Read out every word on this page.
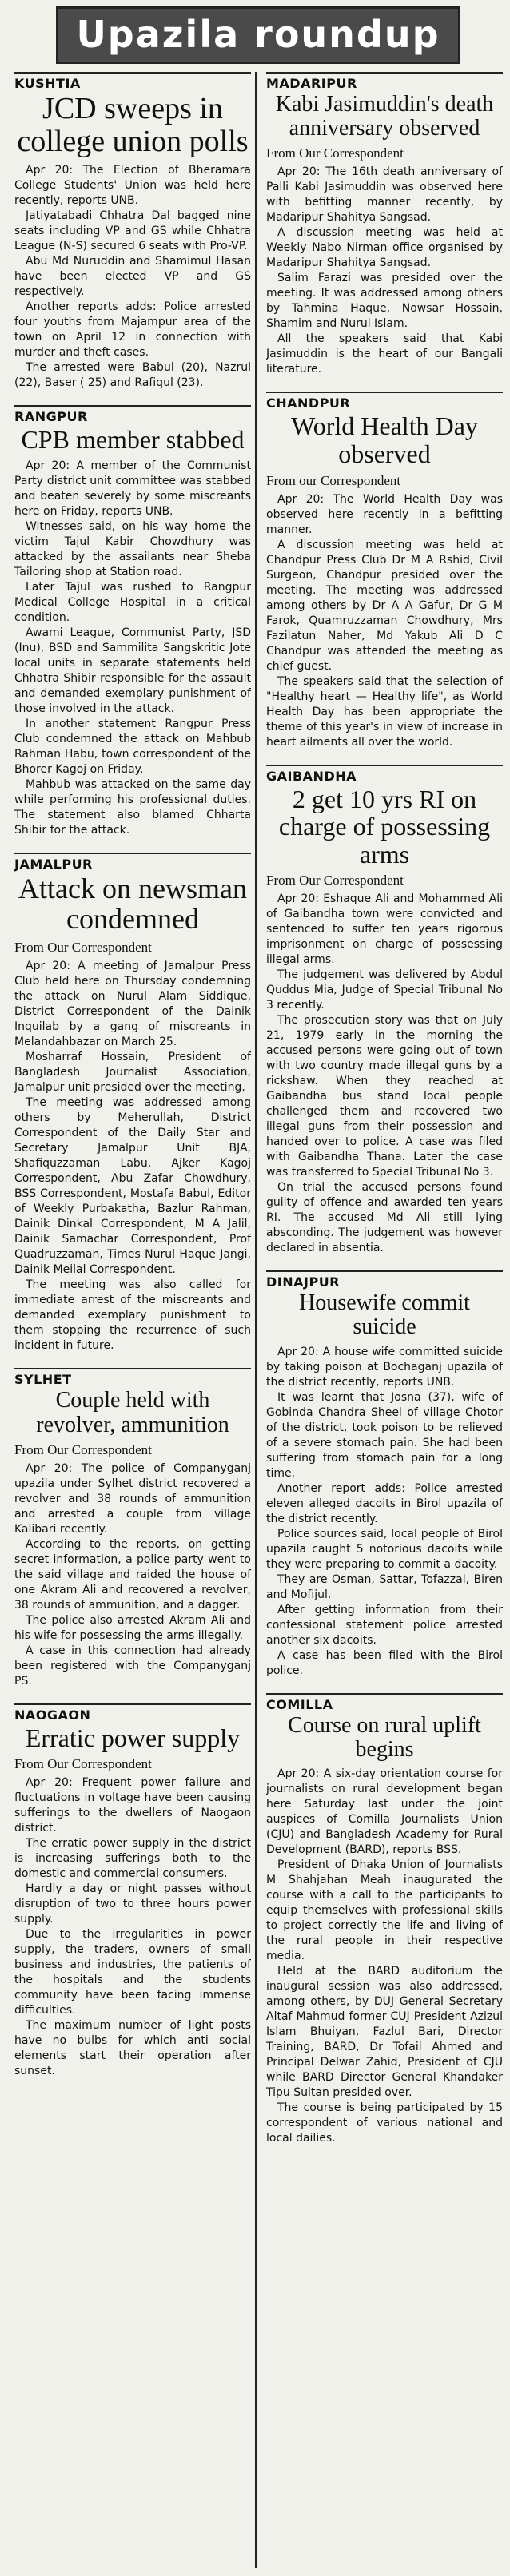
Upazila roundup
KUSHTIA
JCD sweeps in college union polls

Apr 20: The Election of Bheramara College Students' Union was held here recently, reports UNB.

Jatiyatabadi Chhatra Dal bagged nine seats including VP and GS while Chhatra League (N-S) secured 6 seats with Pro-VP.

Abu Md Nuruddin and Shamimul Hasan have been elected VP and GS respectively.

Another reports adds: Police arrested four youths from Majampur area of the town on April 12 in connection with murder and theft cases.

The arrested were Babul (20), Nazrul (22), Baser ( 25) and Rafiqul (23).

RANGPUR
CPB member stabbed

Apr 20: A member of the Communist Party district unit committee was stabbed and beaten severely by some miscreants here on Friday, reports UNB.

Witnesses said, on his way home the victim Tajul Kabir Chowdhury was attacked by the assailants near Sheba Tailoring shop at Station road.

Later Tajul was rushed to Rangpur Medical College Hospital in a critical condition.

Awami League, Communist Party, JSD (Inu), BSD and Sammilita Sangskritic Jote local units in separate statements held Chhatra Shibir responsible for the assault and demanded exemplary punishment of those involved in the attack.

In another statement Rangpur Press Club condemned the attack on Mahbub Rahman Habu, town correspondent of the Bhorer Kagoj on Friday.

Mahbub was attacked on the same day while performing his professional duties. The statement also blamed Chharta Shibir for the attack.

JAMALPUR
Attack on newsman condemned
From Our Correspondent

Apr 20: A meeting of Jamalpur Press Club held here on Thursday condemning the attack on Nurul Alam Siddique, District Correspondent of the Dainik Inquilab by a gang of miscreants in Melandahbazar on March 25.

Mosharraf Hossain, President of Bangladesh Journalist Association, Jamalpur unit presided over the meeting.

The meeting was addressed among others by Meherullah, District Correspondent of the Daily Star and Secretary Jamalpur Unit BJA, Shafiquzzaman Labu, Ajker Kagoj Correspondent, Abu Zafar Chowdhury, BSS Correspondent, Mostafa Babul, Editor of Weekly Purbakatha, Bazlur Rahman, Dainik Dinkal Correspondent, M A Jalil, Dainik Samachar Correspondent, Prof Quadruzzaman, Times Nurul Haque Jangi, Dainik Meilal Correspondent.

The meeting was also called for immediate arrest of the miscreants and demanded exemplary punishment to them stopping the recurrence of such incident in future.

SYLHET
Couple held with revolver, ammunition
From Our Correspondent

Apr 20: The police of Companyganj upazila under Sylhet district recovered a revolver and 38 rounds of ammunition and arrested a couple from village Kalibari recently.

According to the reports, on getting secret information, a police party went to the said village and raided the house of one Akram Ali and recovered a revolver, 38 rounds of ammunition, and a dagger.

The police also arrested Akram Ali and his wife for possessing the arms illegally.

A case in this connection had already been registered with the Companyganj PS.

NAOGAON
Erratic power supply
From Our Correspondent

Apr 20: Frequent power failure and fluctuations in voltage have been causing sufferings to the dwellers of Naogaon district.

The erratic power supply in the district is increasing sufferings both to the domestic and commercial consumers.

Hardly a day or night passes without disruption of two to three hours power supply.

Due to the irregularities in power supply, the traders, owners of small business and industries, the patients of the hospitals and the students community have been facing immense difficulties.

The maximum number of light posts have no bulbs for which anti social elements start their operation after sunset.

MADARIPUR
Kabi Jasimuddin's death anniversary observed
From Our Correspondent

Apr 20: The 16th death anniversary of Palli Kabi Jasimuddin was observed here with befitting manner recently, by Madaripur Shahitya Sangsad.

A discussion meeting was held at Weekly Nabo Nirman office organised by Madaripur Shahitya Sangsad.

Salim Farazi was presided over the meeting. It was addressed among others by Tahmina Haque, Nowsar Hossain, Shamim and Nurul Islam.

All the speakers said that Kabi Jasimuddin is the heart of our Bangali literature.

CHANDPUR
World Health Day observed
From our Correspondent

Apr 20: The World Health Day was observed here recently in a befitting manner.

A discussion meeting was held at Chandpur Press Club Dr M A Rshid, Civil Surgeon, Chandpur presided over the meeting. The meeting was addressed among others by Dr A A Gafur, Dr G M Farok, Quamruzzaman Chowdhury, Mrs Fazilatun Naher, Md Yakub Ali D C Chandpur was attended the meeting as chief guest.

The speakers said that the selection of "Healthy heart — Healthy life", as World Health Day has been appropriate the theme of this year's in view of increase in heart ailments all over the world.

GAIBANDHA
2 get 10 yrs RI on charge of possessing arms
From Our Correspondent

Apr 20: Eshaque Ali and Mohammed Ali of Gaibandha town were convicted and sentenced to suffer ten years rigorous imprisonment on charge of possessing illegal arms.

The judgement was delivered by Abdul Quddus Mia, Judge of Special Tribunal No 3 recently.

The prosecution story was that on July 21, 1979 early in the morning the accused persons were going out of town with two country made illegal guns by a rickshaw. When they reached at Gaibandha bus stand local people challenged them and recovered two illegal guns from their possession and handed over to police. A case was filed with Gaibandha Thana. Later the case was transferred to Special Tribunal No 3.

On trial the accused persons found guilty of offence and awarded ten years RI. The accused Md Ali still lying absconding. The judgement was however declared in absentia.

DINAJPUR
Housewife commit suicide

Apr 20: A house wife committed suicide by taking poison at Bochaganj upazila of the district recently, reports UNB.

It was learnt that Josna (37), wife of Gobinda Chandra Sheel of village Chotor of the district, took poison to be relieved of a severe stomach pain. She had been suffering from stomach pain for a long time.

Another report adds: Police arrested eleven alleged dacoits in Birol upazila of the district recently.

Police sources said, local people of Birol upazila caught 5 notorious dacoits while they were preparing to commit a dacoity.

They are Osman, Sattar, Tofazzal, Biren and Mofijul.

After getting information from their confessional statement police arrested another six dacoits.

A case has been filed with the Birol police.

COMILLA
Course on rural uplift begins

Apr 20: A six-day orientation course for journalists on rural development began here Saturday last under the joint auspices of Comilla Journalists Union (CJU) and Bangladesh Academy for Rural Development (BARD), reports BSS.

President of Dhaka Union of Journalists M Shahjahan Meah inaugurated the course with a call to the participants to equip themselves with professional skills to project correctly the life and living of the rural people in their respective media.

Held at the BARD auditorium the inaugural session was also addressed, among others, by DUJ General Secretary Altaf Mahmud former CUJ President Azizul Islam Bhuiyan, Fazlul Bari, Director Training, BARD, Dr Tofail Ahmed and Principal Delwar Zahid, President of CJU while BARD Director General Khandaker Tipu Sultan presided over.

The course is being participated by 15 correspondent of various national and local dailies.
